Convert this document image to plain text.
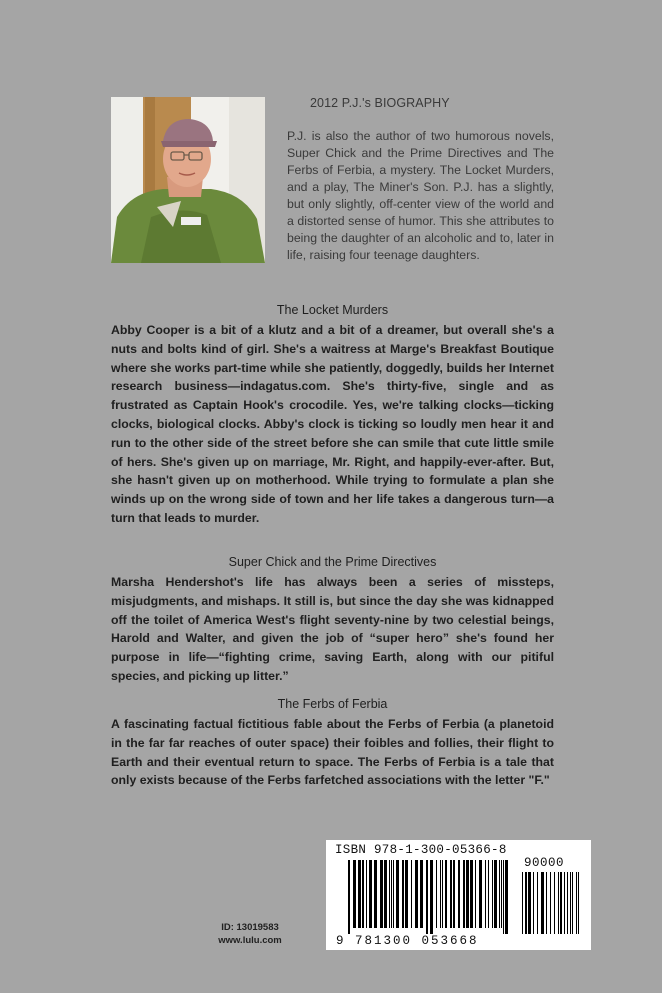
2012 P.J.'s BIOGRAPHY
P.J. is also the author of two humorous novels, Super Chick and the Prime Directives and The Ferbs of Ferbia, a mystery. The Locket Murders, and a play, The Miner's Son. P.J. has a slightly, but only slightly, off-center view of the world and a distorted sense of humor. This she attributes to being the daughter of an alcoholic and to, later in life, raising four teenage daughters.
The Locket Murders
Abby Cooper is a bit of a klutz and a bit of a dreamer, but overall she's a nuts and bolts kind of girl. She's a waitress at Marge's Breakfast Boutique where she works part-time while she patiently, doggedly, builds her Internet research business—indagatus.com. She's thirty-five, single and as frustrated as Captain Hook's crocodile. Yes, we're talking clocks—ticking clocks, biological clocks. Abby's clock is ticking so loudly men hear it and run to the other side of the street before she can smile that cute little smile of hers. She's given up on marriage, Mr. Right, and happily-ever-after. But, she hasn't given up on motherhood. While trying to formulate a plan she winds up on the wrong side of town and her life takes a dangerous turn—a turn that leads to murder.
Super Chick and the Prime Directives
Marsha Hendershot's life has always been a series of missteps, misjudgments, and mishaps. It still is, but since the day she was kidnapped off the toilet of America West's flight seventy-nine by two celestial beings, Harold and Walter, and given the job of “super hero” she's found her purpose in life—“fighting crime, saving Earth, along with our pitiful species, and picking up litter.”
The Ferbs of Ferbia
A fascinating factual fictitious fable about the Ferbs of Ferbia (a planetoid in the far far reaches of outer space) their foibles and follies, their flight to Earth and their eventual return to space. The Ferbs of Ferbia is a tale that only exists because of the Ferbs farfetched associations with the letter "F."
ID: 13019583
www.lulu.com
ISBN 978-1-300-05366-8
90000
9 781300 053668
